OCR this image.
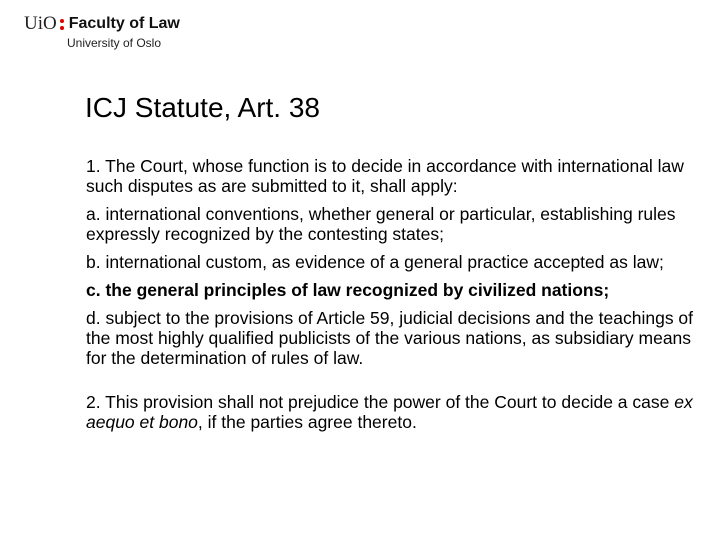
UiO Faculty of Law
University of Oslo
ICJ Statute, Art. 38

1. The Court, whose function is to decide in accordance with international law such disputes as are submitted to it, shall apply:

a. international conventions, whether general or particular, establishing rules expressly recognized by the contesting states;

b. international custom, as evidence of a general practice accepted as law;

c. the general principles of law recognized by civilized nations;

d. subject to the provisions of Article 59, judicial decisions and the teachings of the most highly qualified publicists of the various nations, as subsidiary means for the determination of rules of law.

2. This provision shall not prejudice the power of the Court to decide a case ex aequo et bono, if the parties agree thereto.
